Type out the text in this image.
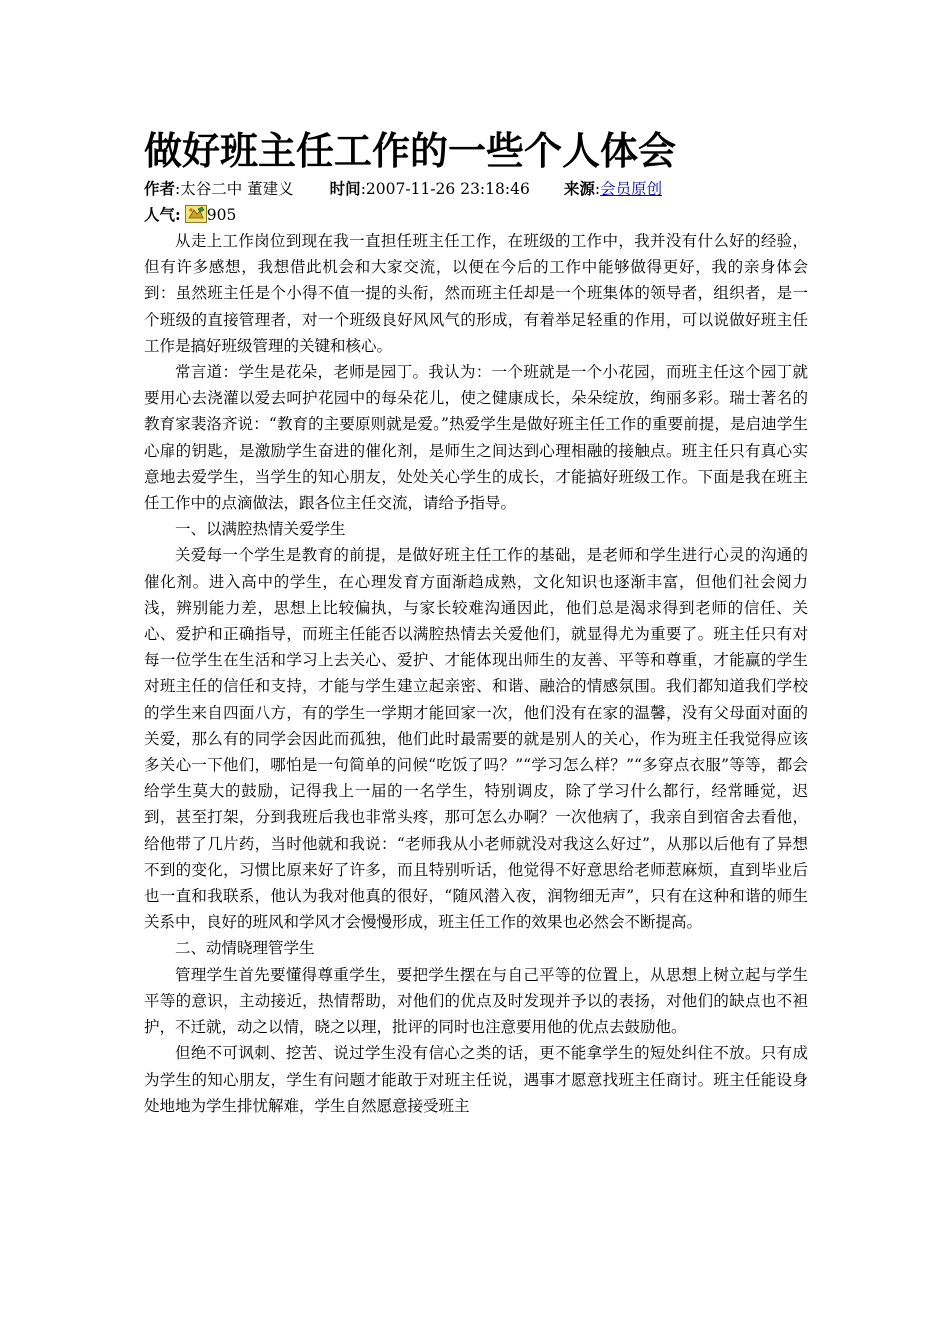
做好班主任工作的一些个人体会
作者:太谷二中 董建义 时间:2007-11-26 23:18:46 来源:会员原创
人气: 905

从走上工作岗位到现在我一直担任班主任工作，在班级的工作中，我并没有什么好的经验，但有许多感想，我想借此机会和大家交流，以便在今后的工作中能够做得更好，我的亲身体会到：虽然班主任是个小得不值一提的头衔，然而班主任却是一个班集体的领导者，组织者，是一个班级的直接管理者，对一个班级良好风风气的形成，有着举足轻重的作用，可以说做好班主任工作是搞好班级管理的关键和核心。

常言道：学生是花朵，老师是园丁。我认为：一个班就是一个小花园，而班主任这个园丁就要用心去浇灌以爱去呵护花园中的每朵花儿，使之健康成长，朵朵绽放，绚丽多彩。瑞士著名的教育家裴洛齐说：“教育的主要原则就是爱。”热爱学生是做好班主任工作的重要前提，是启迪学生心扉的钥匙，是激励学生奋进的催化剂，是师生之间达到心理相融的接触点。班主任只有真心实意地去爱学生，当学生的知心朋友，处处关心学生的成长，才能搞好班级工作。下面是我在班主任工作中的点滴做法，跟各位主任交流，请给予指导。

一、以满腔热情关爱学生

关爱每一个学生是教育的前提，是做好班主任工作的基础，是老师和学生进行心灵的沟通的催化剂。进入高中的学生，在心理发育方面渐趋成熟，文化知识也逐渐丰富，但他们社会阅力浅，辨别能力差，思想上比较偏执，与家长较难沟通因此，他们总是渴求得到老师的信任、关心、爱护和正确指导，而班主任能否以满腔热情去关爱他们，就显得尤为重要了。班主任只有对每一位学生在生活和学习上去关心、爱护、才能体现出师生的友善、平等和尊重，才能赢的学生对班主任的信任和支持，才能与学生建立起亲密、和谐、融洽的情感氛围。我们都知道我们学校的学生来自四面八方，有的学生一学期才能回家一次，他们没有在家的温馨，没有父母面对面的关爱，那么有的同学会因此而孤独，他们此时最需要的就是别人的关心，作为班主任我觉得应该多关心一下他们，哪怕是一句简单的问候“吃饭了吗？”“学习怎么样？”“多穿点衣服”等等，都会给学生莫大的鼓励，记得我上一届的一名学生，特别调皮，除了学习什么都行，经常睡觉，迟到，甚至打架，分到我班后我也非常头疼，那可怎么办啊？一次他病了，我亲自到宿舍去看他，给他带了几片药，当时他就和我说：“老师我从小老师就没对我这么好过”，从那以后他有了异想不到的变化，习惯比原来好了许多，而且特别听话，他觉得不好意思给老师惹麻烦，直到毕业后也一直和我联系，他认为我对他真的很好，“随风潜入夜，润物细无声”，只有在这种和谐的师生关系中，良好的班风和学风才会慢慢形成，班主任工作的效果也必然会不断提高。

二、动情晓理管学生

管理学生首先要懂得尊重学生，要把学生摆在与自己平等的位置上，从思想上树立起与学生平等的意识，主动接近，热情帮助，对他们的优点及时发现并予以的表扬，对他们的缺点也不袒护，不迁就，动之以情，晓之以理，批评的同时也注意要用他的优点去鼓励他。

但绝不可讽刺、挖苦、说过学生没有信心之类的话，更不能拿学生的短处纠住不放。只有成为学生的知心朋友，学生有问题才能敢于对班主任说，遇事才愿意找班主任商讨。班主任能设身处地地为学生排忧解难，学生自然愿意接受班主
